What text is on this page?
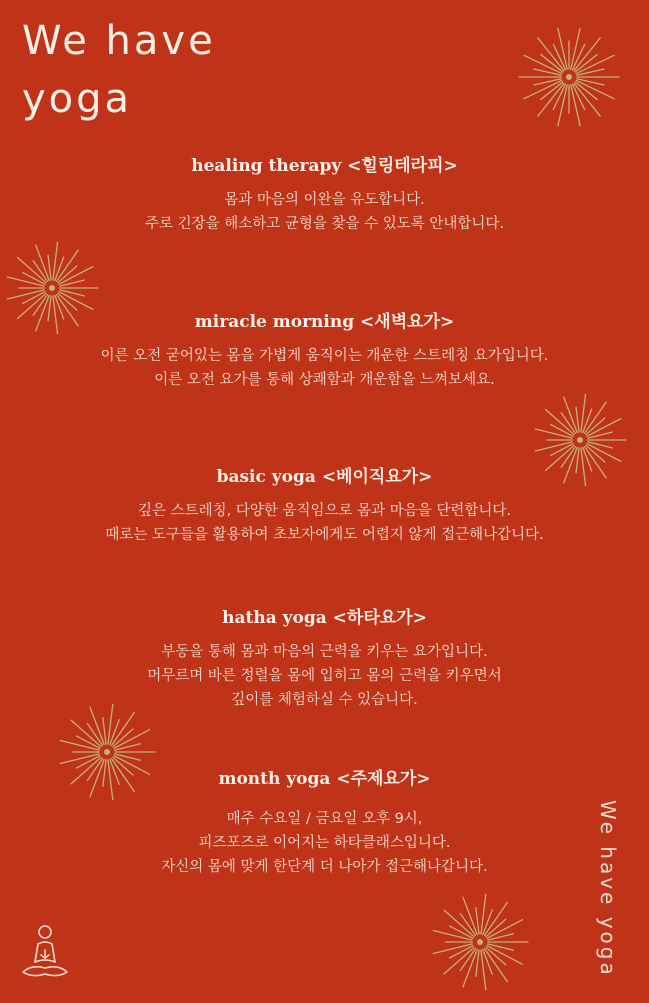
We have
yoga
healing therapy <힐링테라피>
몸과 마음의 이완을 유도합니다.
주로 긴장을 해소하고 균형을 찾을 수 있도록 안내합니다.
miracle morning <새벽요가>
이른 오전 굳어있는 몸을 가볍게 움직이는 개운한 스트레칭 요가입니다.
이른 오전 요가를 통해 상쾌함과 개운함을 느껴보세요.
basic yoga <베이직요가>
깊은 스트레칭, 다양한 움직임으로 몸과 마음을 단련합니다.
때로는 도구들을 활용하여 초보자에게도 어렵지 않게 접근해나갑니다.
hatha yoga <하타요가>
부동을 통해 몸과 마음의 근력을 키우는 요가입니다.
머무르며 바른 정렬을 몸에 입히고 몸의 근력을 키우면서
깊이를 체험하실 수 있습니다.
month yoga <주제요가>
매주 수요일 / 금요일 오후 9시,
피즈포즈로 이어지는 하타클래스입니다.
자신의 몸에 맞게 한단계 더 나아가 접근해나갑니다.	We have yoga
